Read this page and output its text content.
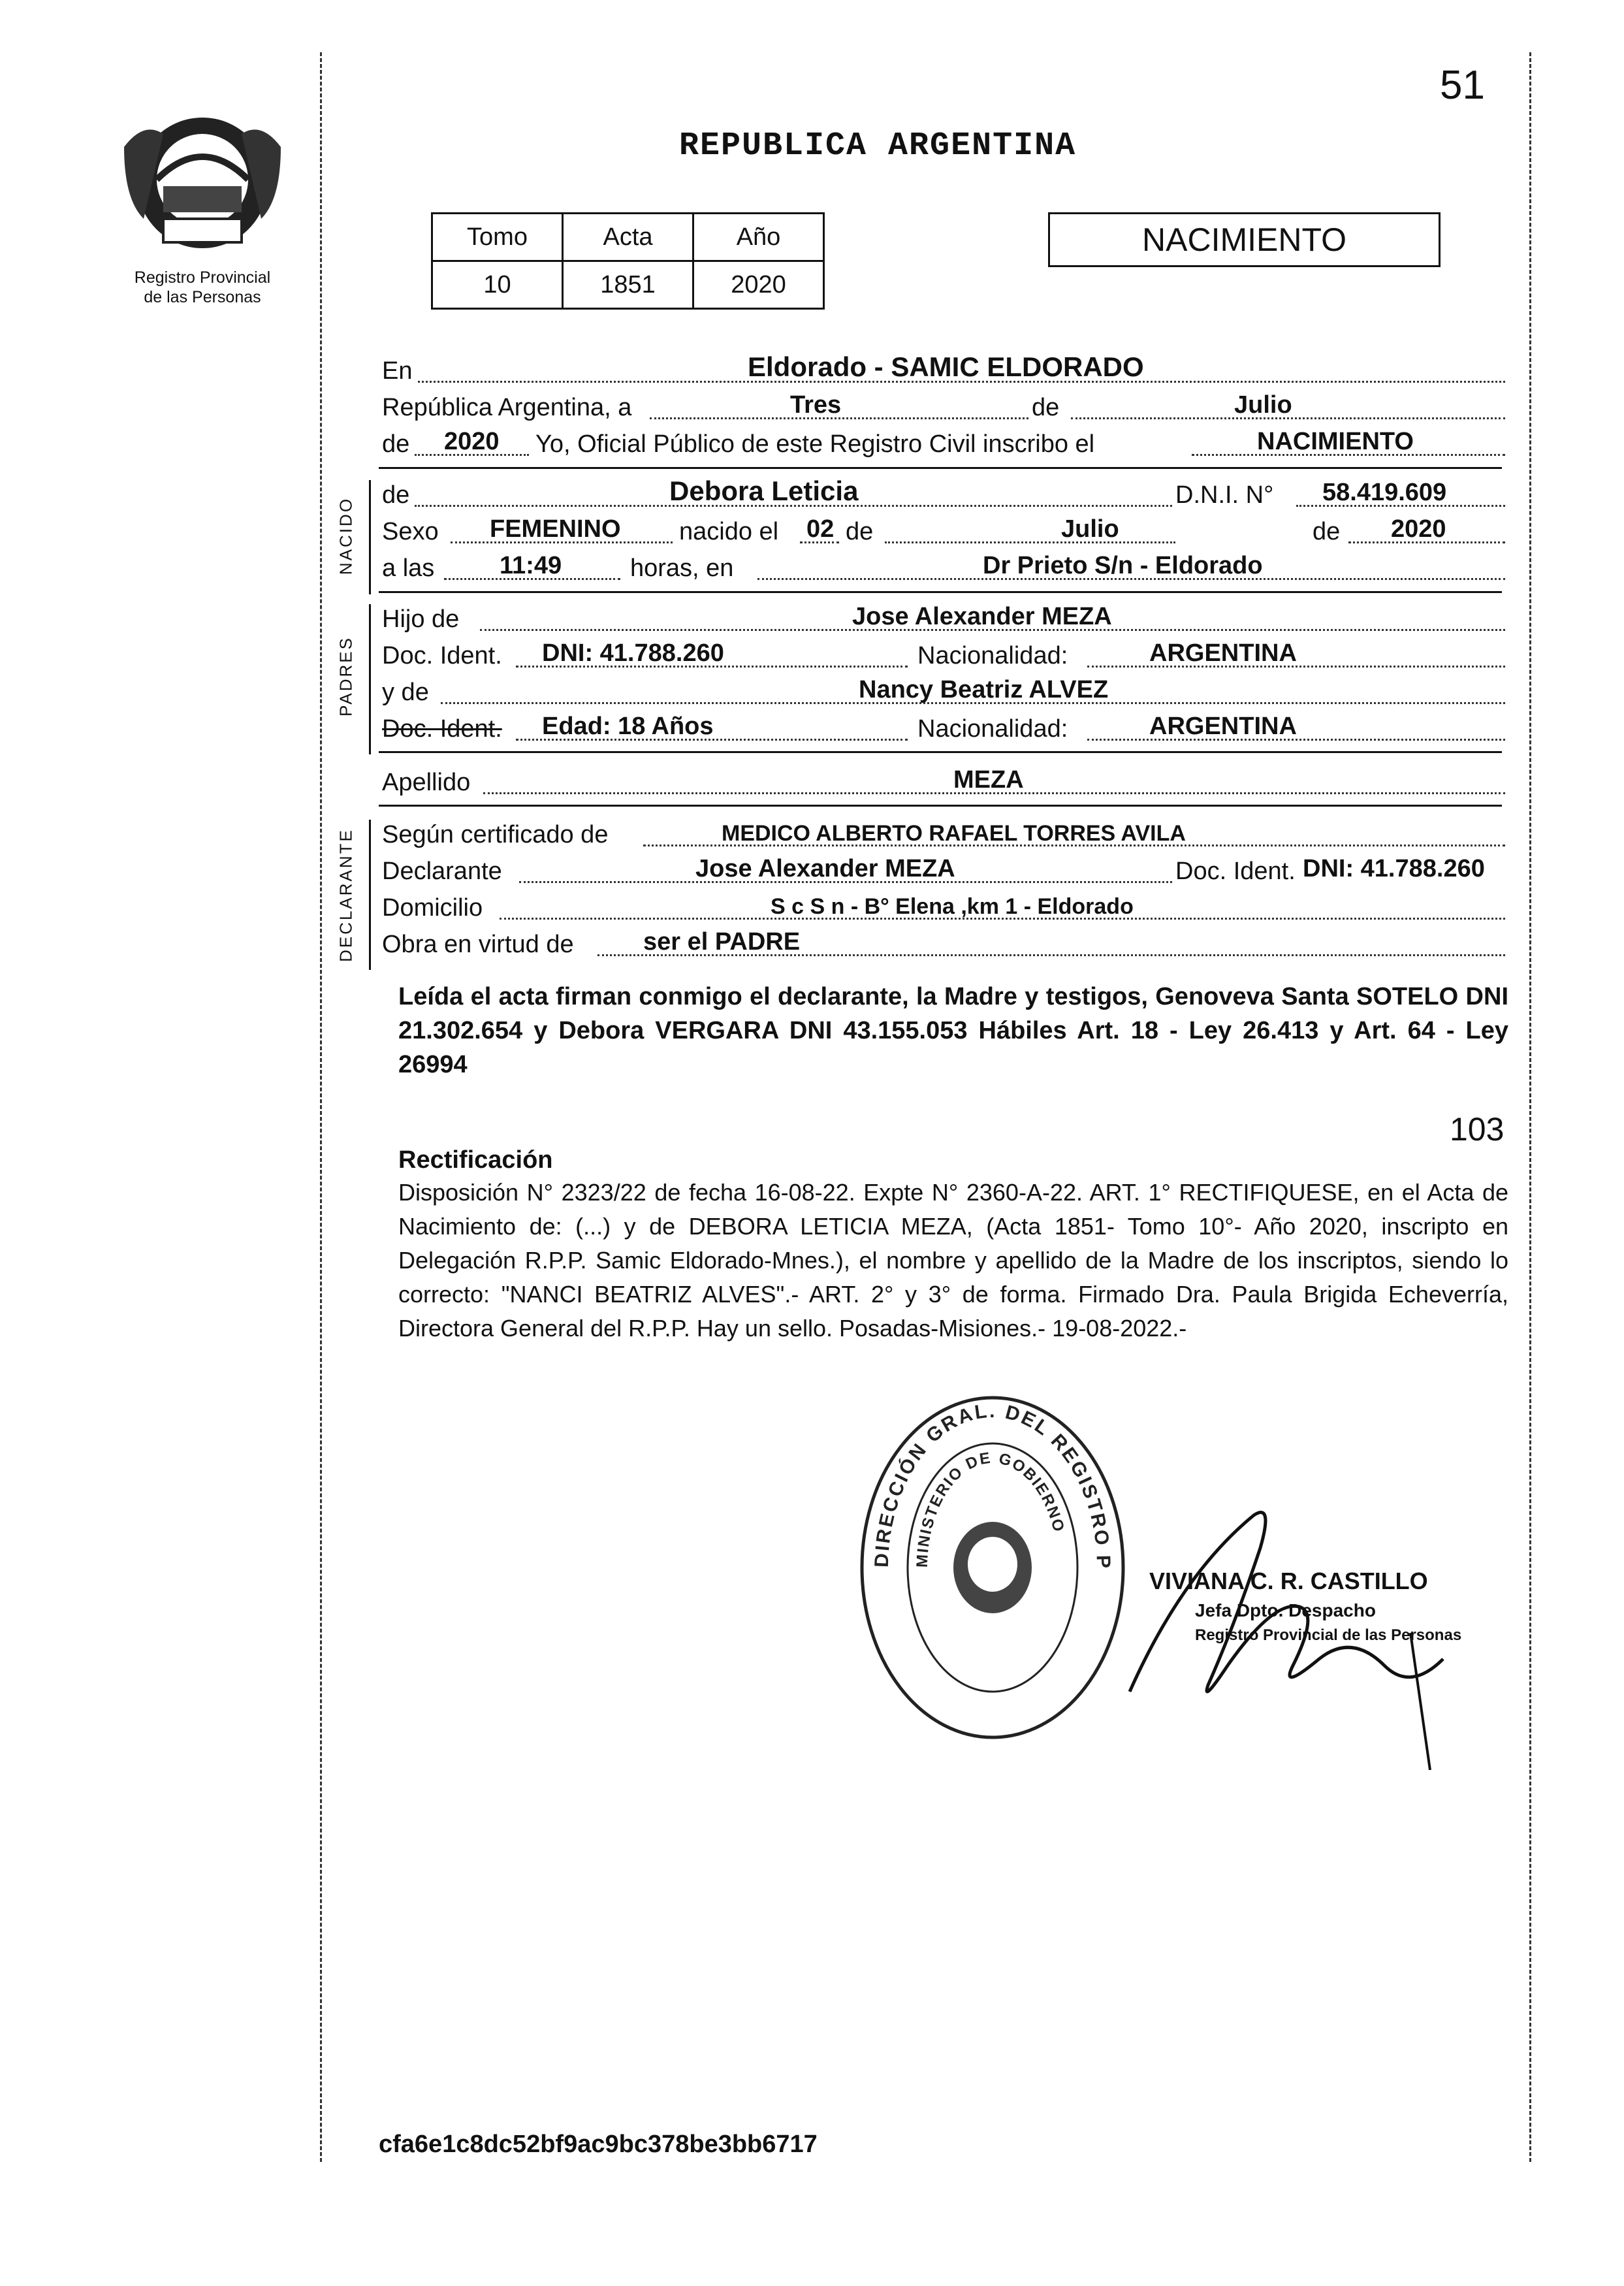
51
Registro Provincial
de las Personas
REPUBLICA ARGENTINA
Tomo	Acta	Año
10	1851	2020
NACIMIENTO
En	Eldorado - SAMIC ELDORADO
República Argentina, a	Tres	de	Julio
de 2020 Yo, Oficial Público de este Registro Civil inscribo el	NACIMIENTO
NACIDO
de	Debora Leticia	D.N.I. N° 58.419.609
Sexo FEMENINO nacido el 02 de	Julio	de 2020
a las	11:49	horas, en	Dr Prieto S/n - Eldorado
PADRES
Hijo de	Jose Alexander MEZA
Doc. Ident. DNI: 41.788.260	Nacionalidad:	ARGENTINA
y de	Nancy Beatriz ALVEZ
Doc. Ident. Edad: 18 Años	Nacionalidad:	ARGENTINA
Apellido	MEZA
DECLARANTE Según certificado de	MEDICO ALBERTO RAFAEL TORRES AVILA
Declarante	Jose Alexander MEZA	Doc. Ident. DNI: 41.788.260
Domicilio	S c S n - B° Elena ,km 1 - Eldorado
Obra en virtud de	ser el PADRE
Leída el acta firman conmigo el declarante, la Madre y testigos, Genoveva Santa SOTELO DNI 21.302.654 y Debora VERGARA DNI 43.155.053 Hábiles Art. 18 - Ley 26.413 y Art. 64 - Ley 26994
103
Rectificación
Disposición N° 2323/22 de fecha 16-08-22. Expte N° 2360-A-22. ART. 1° RECTIFIQUESE, en el Acta de Nacimiento de: (...) y de DEBORA LETICIA MEZA, (Acta 1851- Tomo 10°- Año 2020, inscripto en Delegación R.P.P. Samic Eldorado-Mnes.), el nombre y apellido de la Madre de los inscriptos, siendo lo correcto: "NANCI BEATRIZ ALVES".- ART. 2° y 3° de forma. Firmado Dra. Paula Brigida Echeverría, Directora General del R.P.P. Hay un sello. Posadas-Misiones.- 19-08-2022.-
DIRECCIÓN GRAL. DEL REGISTRO P
MINISTERIO DE GOBIERNO
VIVIANA C. R. CASTILLO
Jefa Dpto. Despacho
Registro Provincial de las Personas
cfa6e1c8dc52bf9ac9bc378be3bb6717
